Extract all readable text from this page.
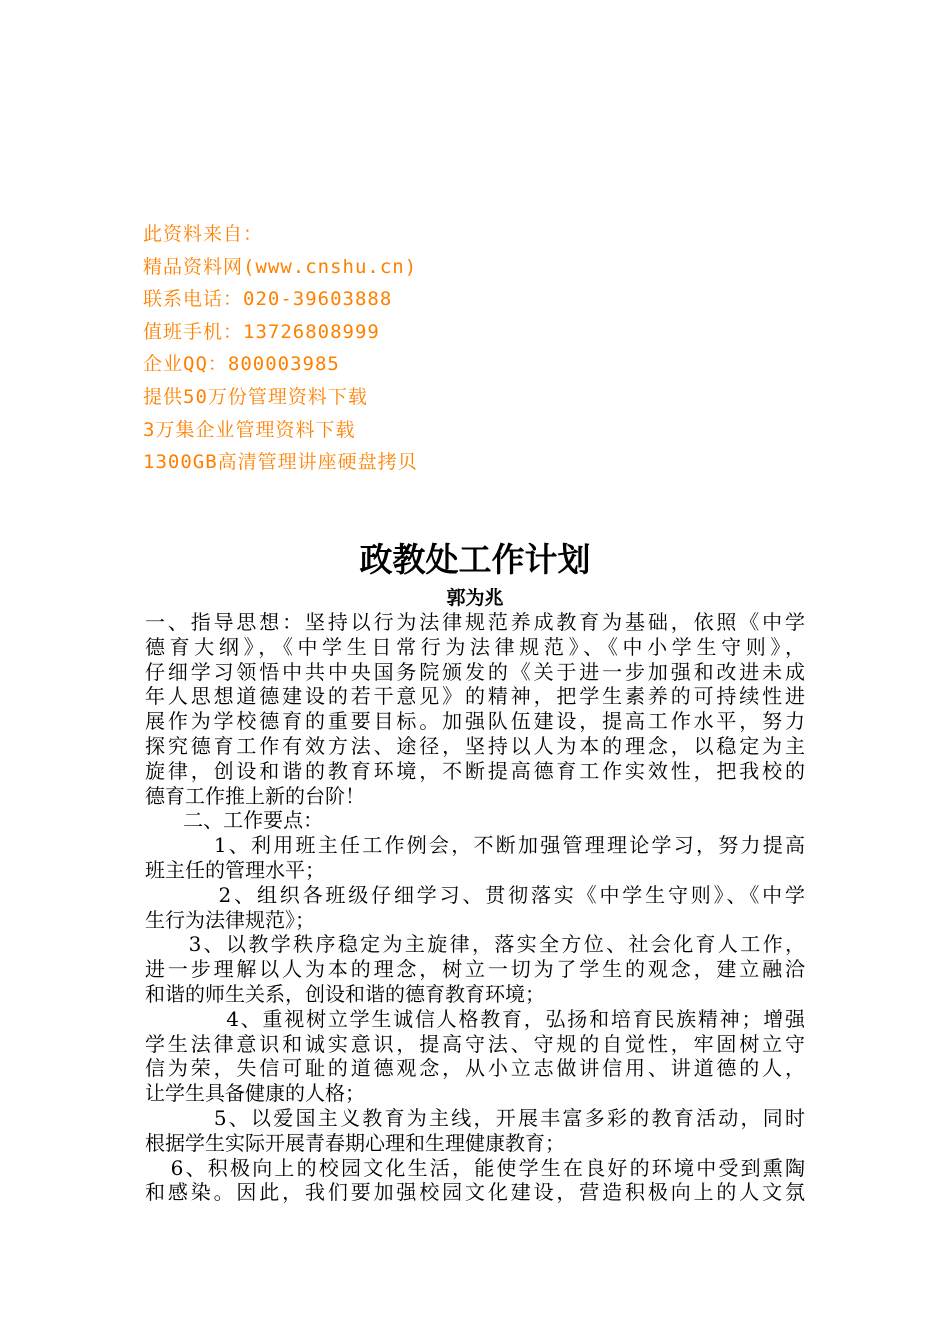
此资料来自：
精品资料网(www.cnshu.cn)
联系电话：020-39603888
值班手机：13726808999
企业QQ：800003985
提供50万份管理资料下载
3万集企业管理资料下载
1300GB高清管理讲座硬盘拷贝
政教处工作计划
郭为兆
一、指导思想：坚持以行为法律规范养成教育为基础，依照《中学
德育大纲》，《中学生日常行为法律规范》、《中小学生守则》，
仔细学习领悟中共中央国务院颁发的《关于进一步加强和改进未成
年人思想道德建设的若干意见》的精神，把学生素养的可持续性进
展作为学校德育的重要目标。加强队伍建设，提高工作水平，努力
探究德育工作有效方法、途径，坚持以人为本的理念，以稳定为主
旋律，创设和谐的教育环境，不断提高德育工作实效性，把我校的
德育工作推上新的台阶！
二、工作要点：
1、利用班主任工作例会，不断加强管理理论学习，努力提高
班主任的管理水平；
2、组织各班级仔细学习、贯彻落实《中学生守则》、《中学
生行为法律规范》；
3、以教学秩序稳定为主旋律，落实全方位、社会化育人工作，
进一步理解以人为本的理念，树立一切为了学生的观念，建立融洽
和谐的师生关系，创设和谐的德育教育环境；
4、重视树立学生诚信人格教育，弘扬和培育民族精神；增强
学生法律意识和诚实意识，提高守法、守规的自觉性，牢固树立守
信为荣，失信可耻的道德观念，从小立志做讲信用、讲道德的人，
让学生具备健康的人格；
5、以爱国主义教育为主线，开展丰富多彩的教育活动，同时
根据学生实际开展青春期心理和生理健康教育；
6、积极向上的校园文化生活，能使学生在良好的环境中受到熏陶
和感染。因此，我们要加强校园文化建设，营造积极向上的人文氛
